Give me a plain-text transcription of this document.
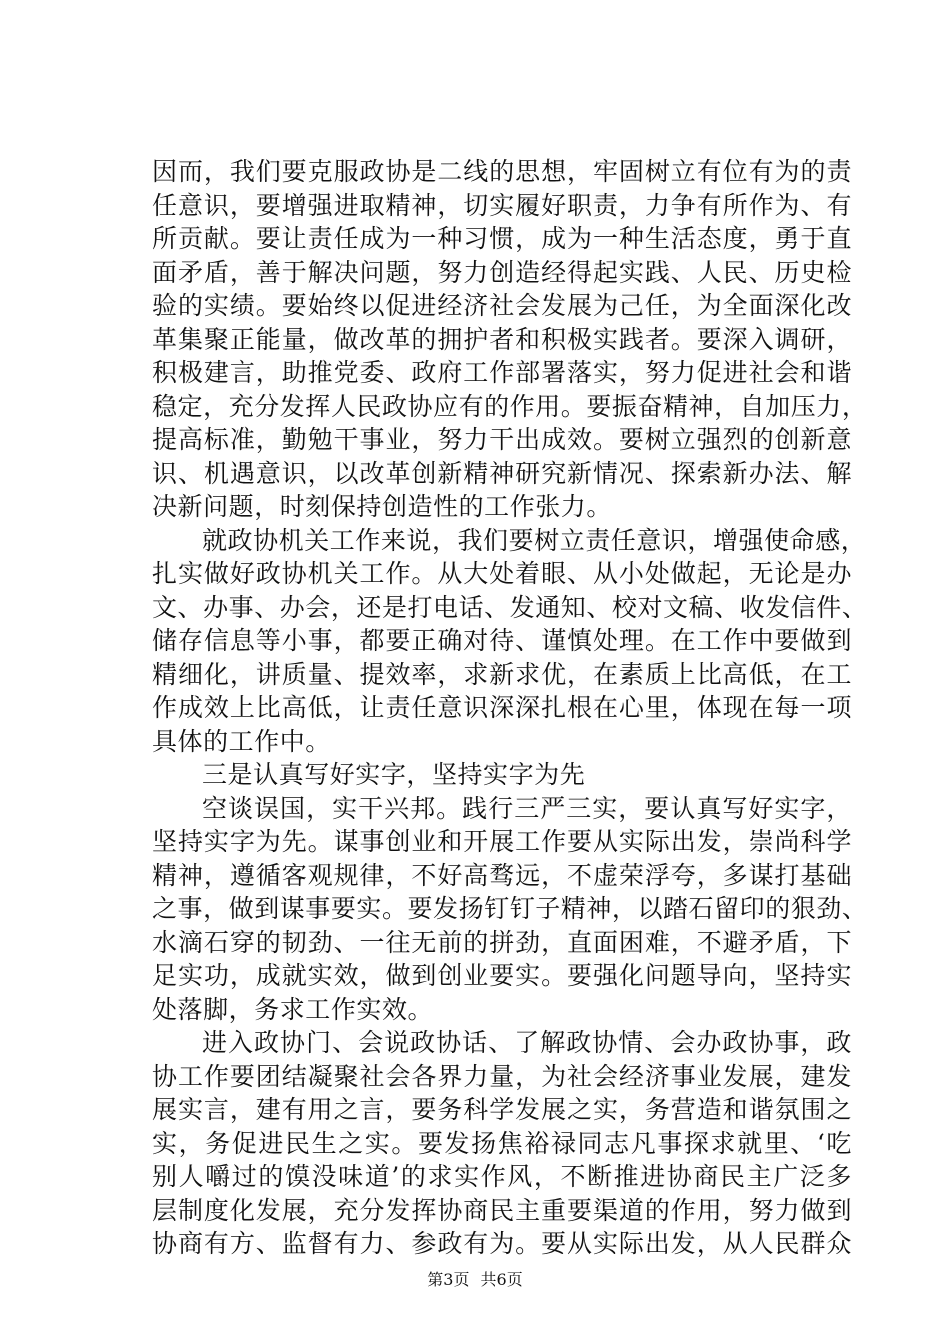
因而，我们要克服政协是二线的思想，牢固树立有位有为的责
任意识，要增强进取精神，切实履好职责，力争有所作为、有
所贡献。要让责任成为一种习惯，成为一种生活态度，勇于直
面矛盾，善于解决问题，努力创造经得起实践、人民、历史检
验的实绩。要始终以促进经济社会发展为己任，为全面深化改
革集聚正能量，做改革的拥护者和积极实践者。要深入调研，
积极建言，助推党委、政府工作部署落实，努力促进社会和谐
稳定，充分发挥人民政协应有的作用。要振奋精神，自加压力，
提高标准，勤勉干事业，努力干出成效。要树立强烈的创新意
识、机遇意识，以改革创新精神研究新情况、探索新办法、解
决新问题，时刻保持创造性的工作张力。
就政协机关工作来说，我们要树立责任意识，增强使命感，
扎实做好政协机关工作。从大处着眼、从小处做起，无论是办
文、办事、办会，还是打电话、发通知、校对文稿、收发信件、
储存信息等小事，都要正确对待、谨慎处理。在工作中要做到
精细化，讲质量、提效率，求新求优，在素质上比高低，在工
作成效上比高低，让责任意识深深扎根在心里，体现在每一项
具体的工作中。
三是认真写好实字，坚持实字为先
空谈误国，实干兴邦。践行三严三实，要认真写好实字，
坚持实字为先。谋事创业和开展工作要从实际出发，崇尚科学
精神，遵循客观规律，不好高骛远，不虚荣浮夸，多谋打基础
之事，做到谋事要实。要发扬钉钉子精神，以踏石留印的狠劲、
水滴石穿的韧劲、一往无前的拼劲，直面困难，不避矛盾，下
足实功，成就实效，做到创业要实。要强化问题导向，坚持实
处落脚，务求工作实效。
进入政协门、会说政协话、了解政协情、会办政协事，政
协工作要团结凝聚社会各界力量，为社会经济事业发展，建发
展实言，建有用之言，要务科学发展之实，务营造和谐氛围之
实，务促进民生之实。要发扬焦裕禄同志凡事探求就里、‘吃
别人嚼过的馍没味道’的求实作风，不断推进协商民主广泛多
层制度化发展，充分发挥协商民主重要渠道的作用，努力做到
协商有方、监督有力、参政有为。要从实际出发，从人民群众
第3页 共6页
